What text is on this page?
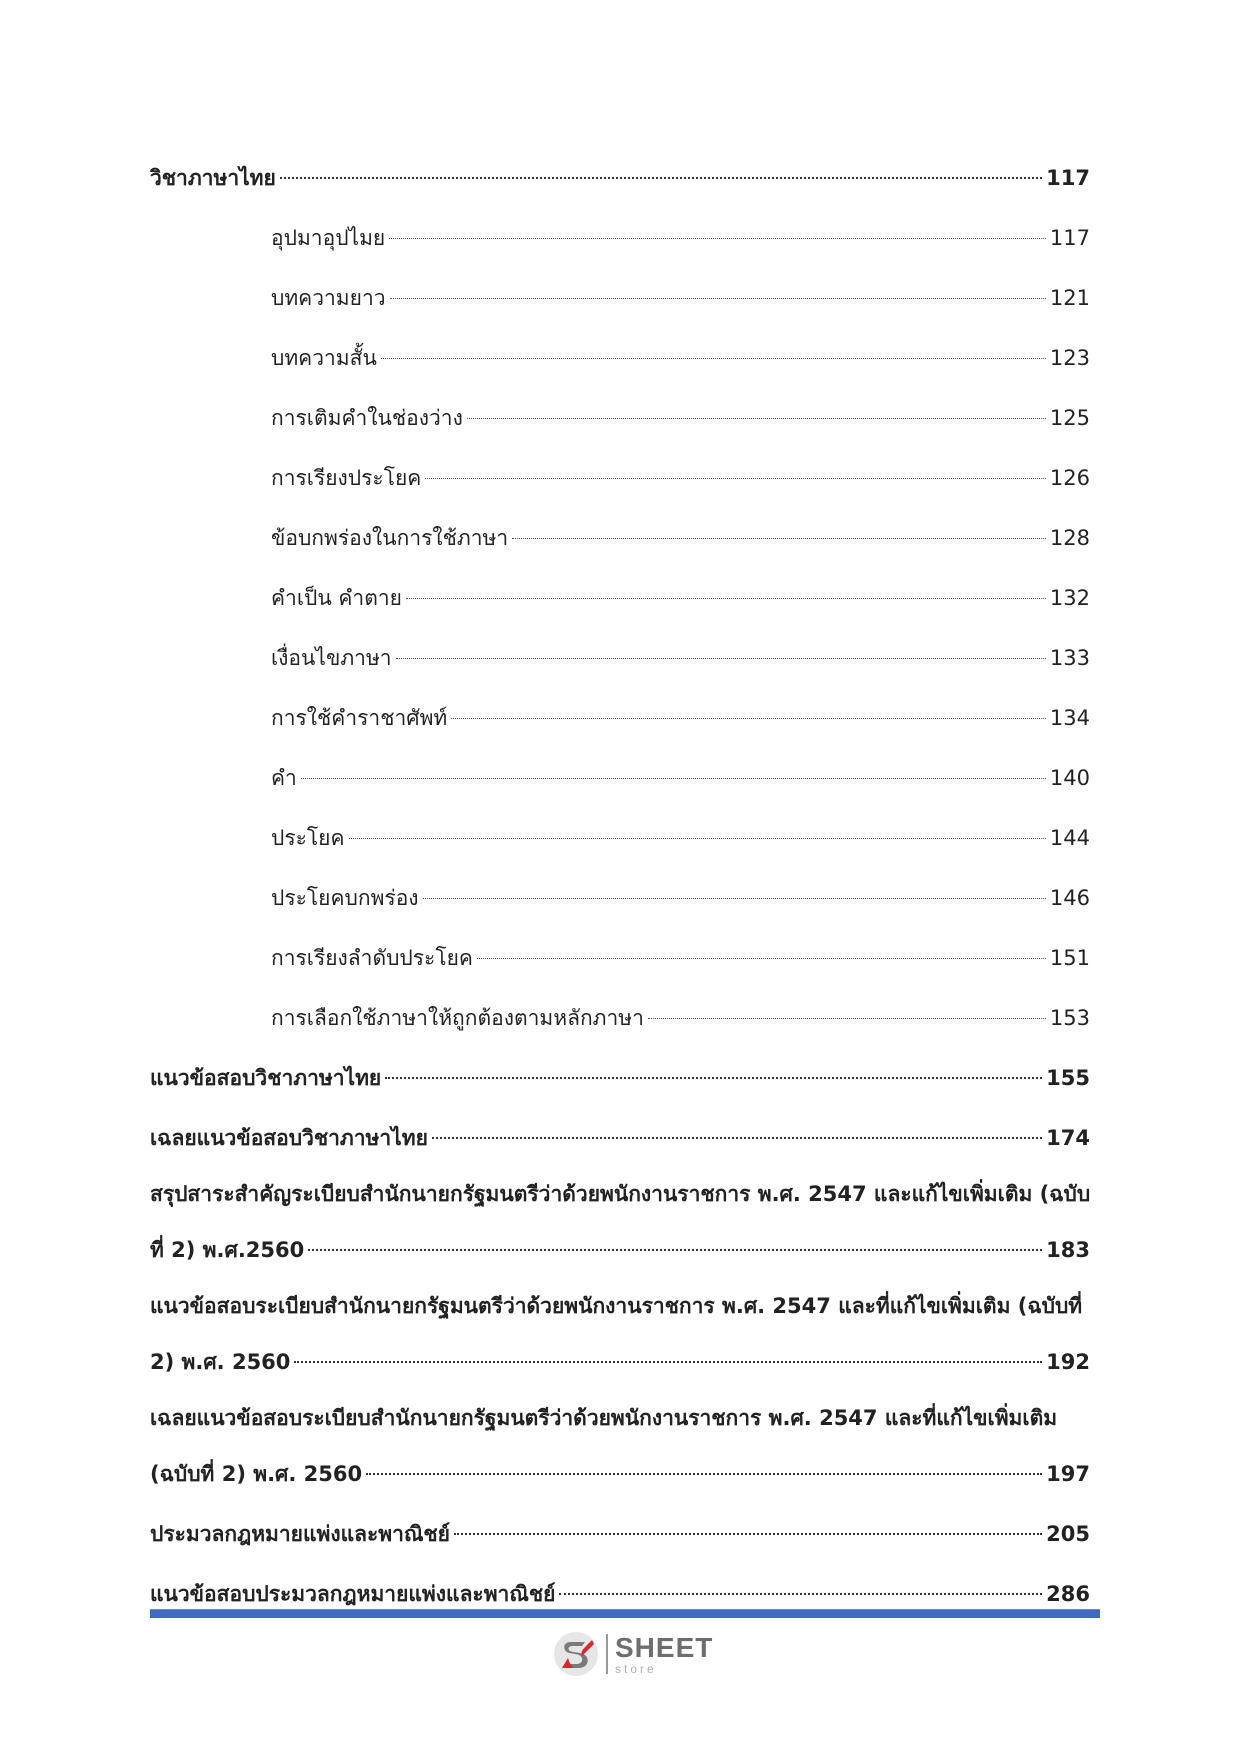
วิชาภาษาไทย	117
อุปมาอุปไมย	117
บทความยาว	121
บทความสั้น	123
การเติมคำในช่องว่าง	125
การเรียงประโยค	126
ข้อบกพร่องในการใช้ภาษา	128
คำเป็น คำตาย	132
เงื่อนไขภาษา	133
การใช้คำราชาศัพท์	134
คำ	140
ประโยค	144
ประโยคบกพร่อง	146
การเรียงลำดับประโยค	151
การเลือกใช้ภาษาให้ถูกต้องตามหลักภาษา	153
แนวข้อสอบวิชาภาษาไทย	155
เฉลยแนวข้อสอบวิชาภาษาไทย	174
สรุปสาระสำคัญระเบียบสำนักนายกรัฐมนตรีว่าด้วยพนักงานราชการ พ.ศ. 2547 และแก้ไขเพิ่มเติม (ฉบับ
ที่ 2) พ.ศ.2560	183
แนวข้อสอบระเบียบสำนักนายกรัฐมนตรีว่าด้วยพนักงานราชการ พ.ศ. 2547 และที่แก้ไขเพิ่มเติม (ฉบับที่
2) พ.ศ. 2560	192
เฉลยแนวข้อสอบระเบียบสำนักนายกรัฐมนตรีว่าด้วยพนักงานราชการ พ.ศ. 2547 และที่แก้ไขเพิ่มเติม
(ฉบับที่ 2) พ.ศ. 2560	197
ประมวลกฎหมายแพ่งและพาณิชย์	205
แนวข้อสอบประมวลกฎหมายแพ่งและพาณิชย์	286
SHEET
store
